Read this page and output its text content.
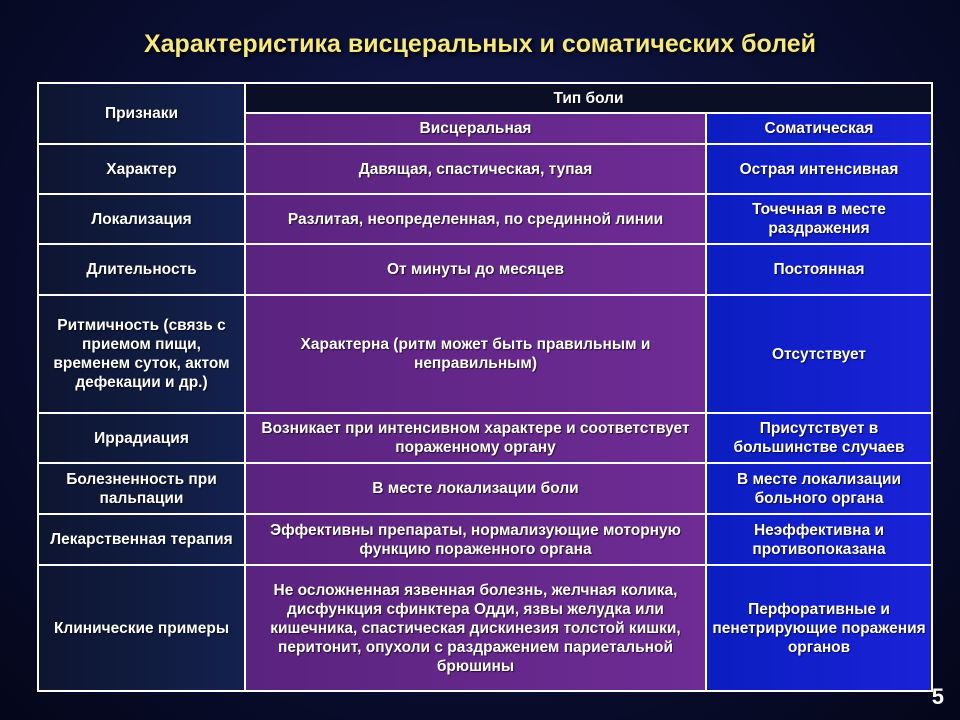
Характеристика висцеральных и соматических болей
Признаки	Тип боли	
	Висцеральная	Соматическая
Характер	Давящая, спастическая, тупая	Острая интенсивная
Локализация	Разлитая, неопределенная, по срединной линии	Точечная в месте раздражения
Длительность	От минуты до месяцев	Постоянная
Ритмичность (связь с приемом пищи, временем суток, актом дефекации и др.)	Характерна (ритм может быть правильным и неправильным)	Отсутствует
Иррадиация	Возникает при интенсивном характере и соответствует пораженному органу	Присутствует в большинстве случаев
Болезненность при пальпации	В месте локализации боли	В месте локализации больного органа
Лекарственная терапия	Эффективны препараты, нормализующие моторную функцию пораженного органа	Неэффективна и противопоказана
Клинические примеры	Не осложненная язвенная болезнь, желчная колика, дисфункция сфинктера Одди, язвы желудка или кишечника, спастическая дискинезия толстой кишки, перитонит, опухоли с раздражением париетальной брюшины	Перфоративные и пенетрирующие поражения органов
5
